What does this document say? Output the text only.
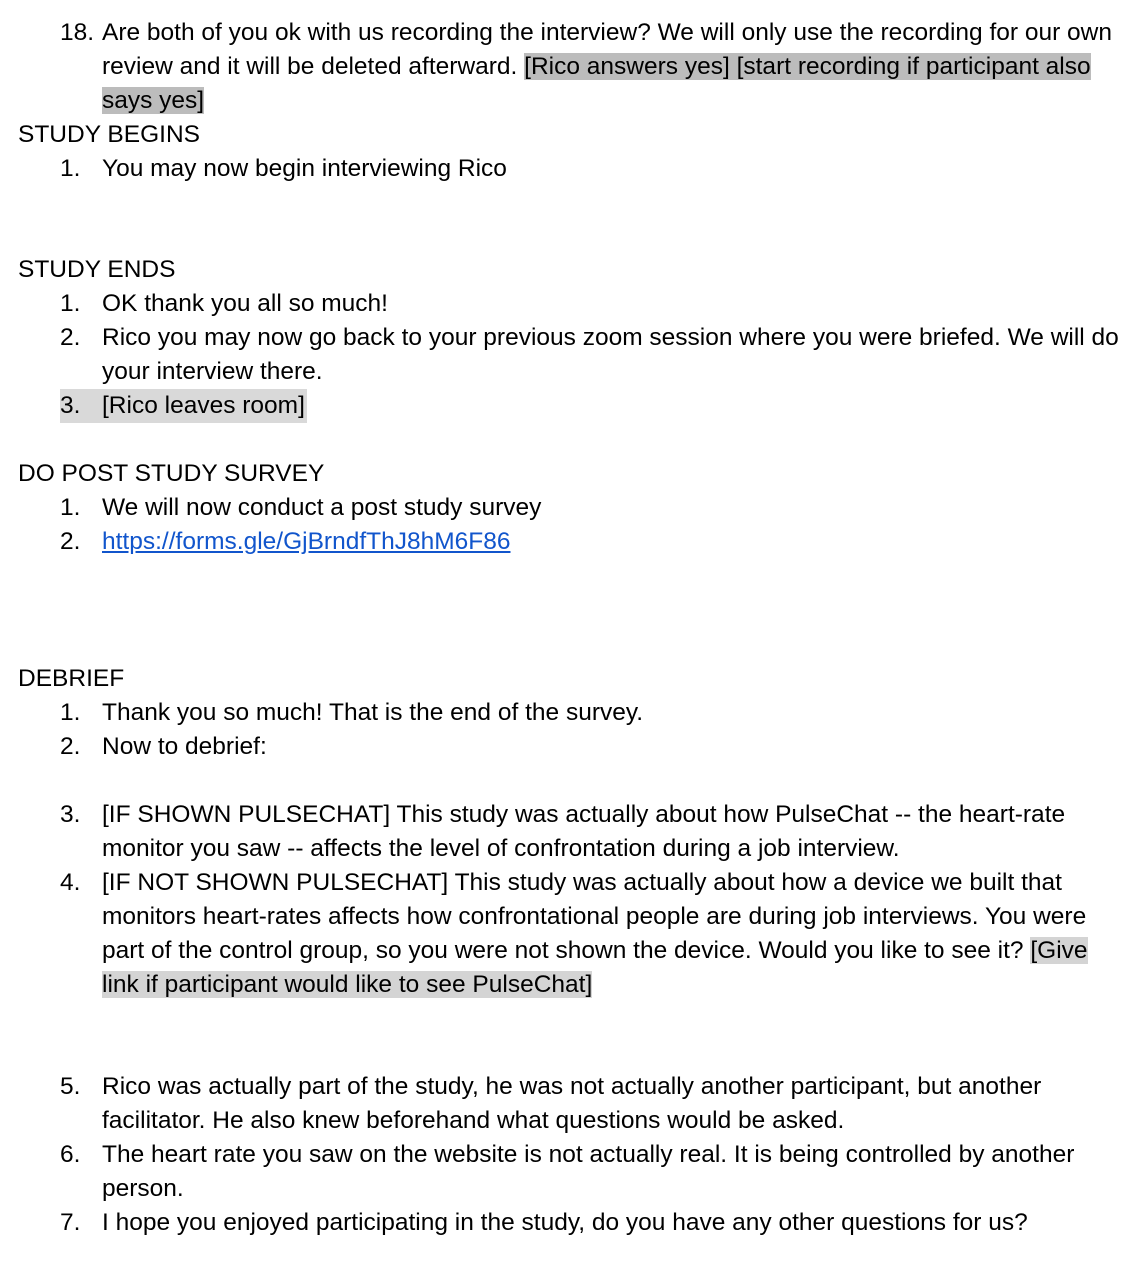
18. Are both of you ok with us recording the interview? We will only use the recording for our own review and it will be deleted afterward. [Rico answers yes] [start recording if participant also says yes]
STUDY BEGINS
1. You may now begin interviewing Rico
STUDY ENDS
1. OK thank you all so much!
2. Rico you may now go back to your previous zoom session where you were briefed. We will do your interview there.
3. [Rico leaves room]
DO POST STUDY SURVEY
1. We will now conduct a post study survey
2. https://forms.gle/GjBrndfThJ8hM6F86
DEBRIEF
1. Thank you so much! That is the end of the survey.
2. Now to debrief:
3. [IF SHOWN PULSECHAT] This study was actually about how PulseChat -- the heart-rate monitor you saw -- affects the level of confrontation during a job interview.
4. [IF NOT SHOWN PULSECHAT] This study was actually about how a device we built that monitors heart-rates affects how confrontational people are during job interviews. You were part of the control group, so you were not shown the device. Would you like to see it? [Give link if participant would like to see PulseChat]
5. Rico was actually part of the study, he was not actually another participant, but another facilitator. He also knew beforehand what questions would be asked.
6. The heart rate you saw on the website is not actually real. It is being controlled by another person.
7. I hope you enjoyed participating in the study, do you have any other questions for us?
